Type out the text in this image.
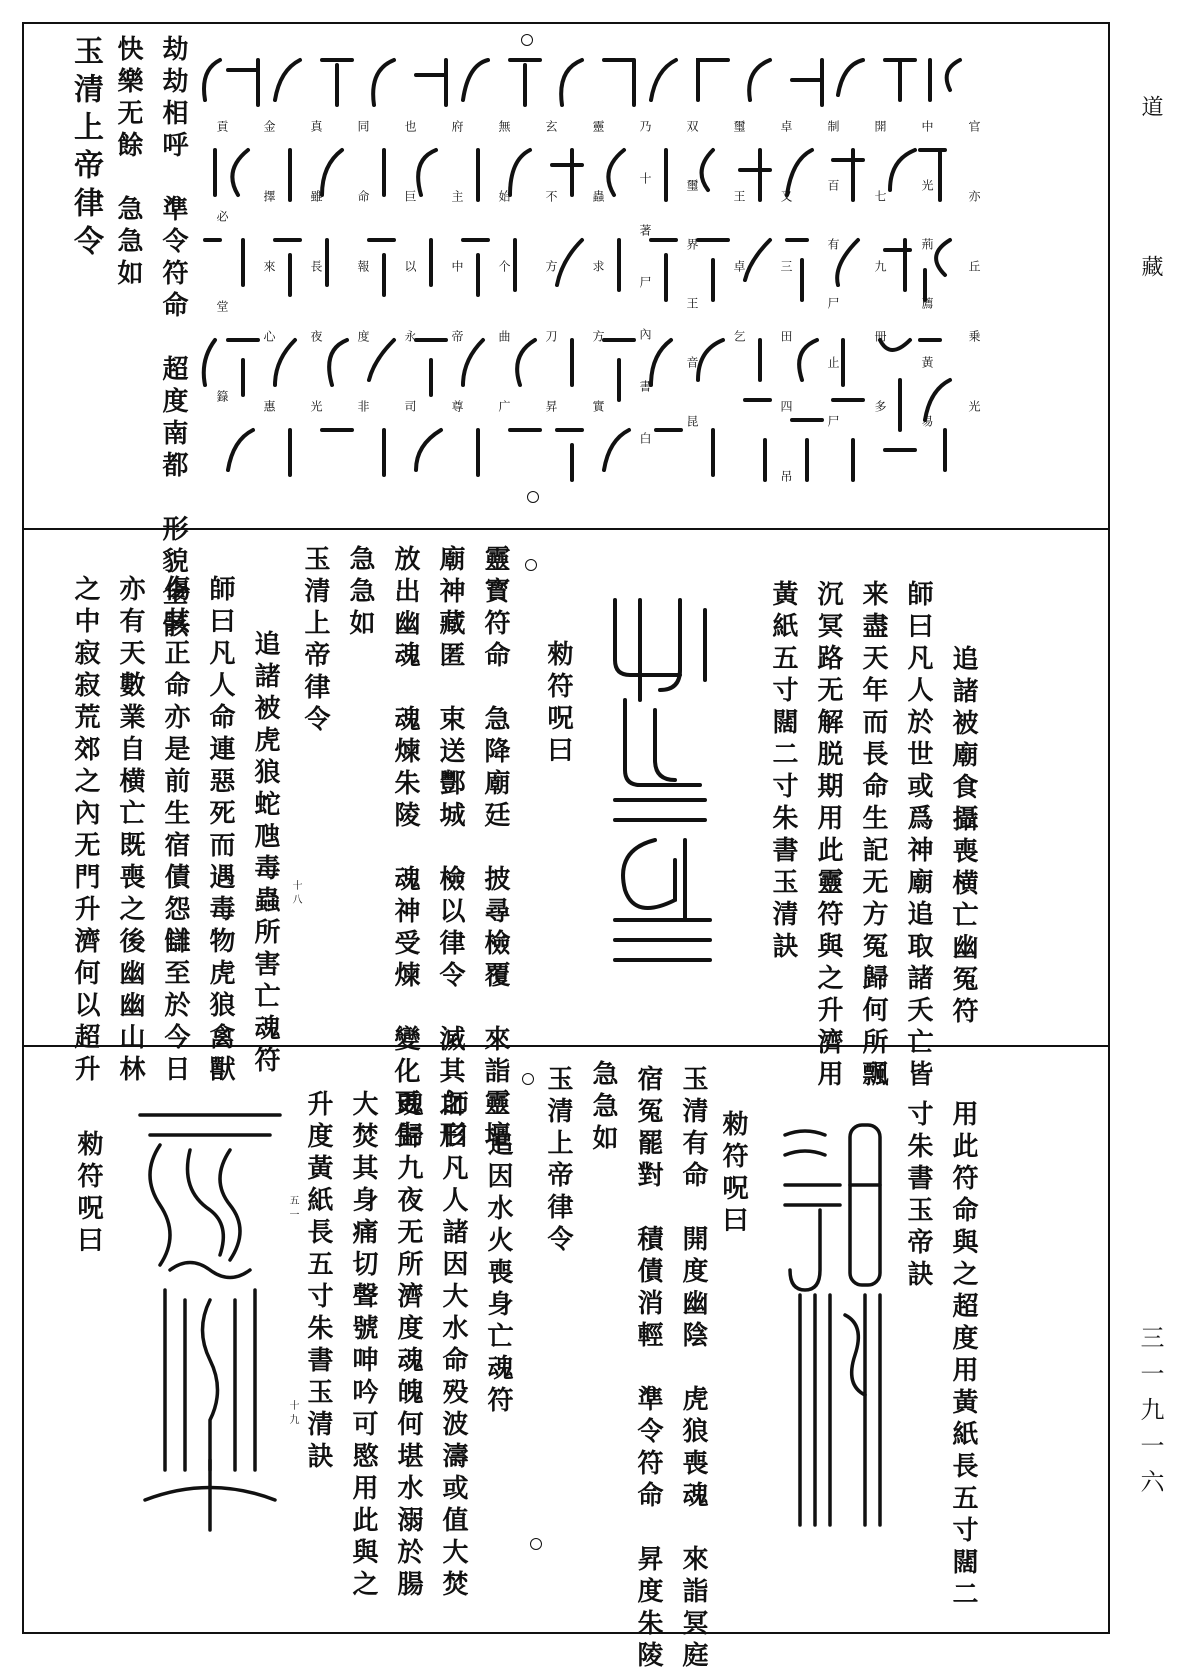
道
藏
三一九一六
玉清上帝律令 快樂无餘　急急如 劫劫相呼　準令符命　超度南都　形貌全骸	官亦丘乗光
中光荊薦黃易
開七九冊多
制百有尸止尸
卓又三田四吊
璽王卓乞
双璽界王音昆
乃十著尸內書白
靈蟲求方實
玄不方刀昇
無始个曲广
府主中帝尊
也巨以永司
同命報度非
真雖長夜光
金擇來心惠
貢必堂籙
追諸被廟食攝喪横亡幽冤符
師曰凡人於世或爲神廟追取諸夭亡皆
来盡天年而長命生記无方冤歸何所飄
沉冥路无解脱期用此靈符與之升濟用
黃紙五寸闊二寸朱書玉清訣
勑符呪曰
靈寳符命　急降廟廷　披尋檢覆　來詣靈壇
廟神藏匿　束送酆城　檢以律令　滅其之形
放出幽魂　魂煉朱陵　魂神受煉　變化更生
急急如
玉清上帝律令
追諸被虎狼蛇虺毒蟲所害亡魂符
師曰凡人命連惡死而遇毒物虎狼禽獸
傷其正命亦是前生宿債怨讎至於今日
亦有天數業自横亡既喪之後幽幽山林
之中寂寂荒郊之內无門升濟何以超升	十八
用此符命與之超度用黃紙長五寸闊二
寸朱書玉帝訣
勑符呪曰
玉清有命　開度幽陰　虎狼喪魂　來詣冥庭
宿冤罷對　積債消輕　準令符命　昇度朱陵
急急如
玉清上帝律令
追因水火喪身亡魂符
師曰凡人諸因大水命殁波濤或值大焚
魂歸九夜无所濟度魂魄何堪水溺於腸
大焚其身痛切聲號呻吟可愍用此與之
升度黃紙長五寸朱書玉清訣
五一
十九
勑符呪曰
